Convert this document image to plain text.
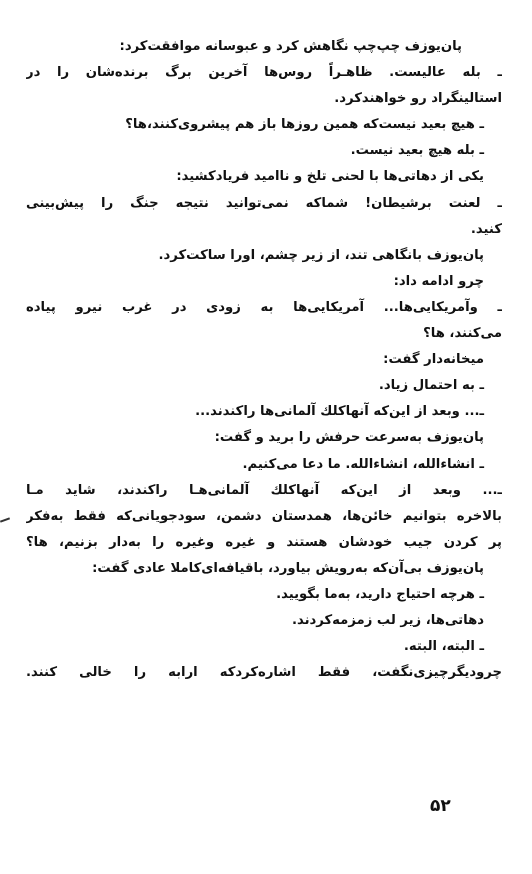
پان‌یوزف چپ‌چپ نگاهش کرد و عبوسانه موافقت‌کرد:
ـ بله عالیست. ظاهـراً روس‌ها آخرین برگ برنده‌شان را در
استالینگراد رو خواهندکرد.
ـ هیچ بعید نیست‌که همین روزها باز هم پیشروی‌کنند،ها؟
ـ بله هیچ بعید نیست.
یکی از دهاتی‌ها با لحنی تلخ و ناامید فریادکشید:
ـ لعنت برشیطان! شماکه نمی‌توانید نتیجه جنگ را پیش‌بینی
کنید.
پان‌یوزف بانگاهی تند، از زیر چشم، اورا ساکت‌کرد.
چرو ادامه داد:
ـ وآمریکایی‌ها... آمریکایی‌ها به زودی در غرب نیرو پیاده
می‌کنند، ها؟
میخانه‌دار گفت:
ـ به احتمال زیاد.
ـ... وبعد از این‌که آنهاکلك آلمانی‌ها راکندند...
پان‌یوزف به‌سرعت حرفش را برید و گفت:
ـ انشاءالله، انشاءالله. ما دعا می‌کنیم.
ـ... وبعد از این‌که آنهاکلك آلمانی‌هـا راکندند، شاید مـا
بالاخره بتوانیم خائن‌ها، همدستان دشمن، سودجویانی‌که فقط به‌فکر
پر کردن جیب خودشان هستند و غیره وغیره را به‌دار بزنیم، ها؟
پان‌یوزف بی‌آن‌که به‌رویش بیاورد، باقیافه‌ای‌کاملا عادی گفت:
ـ هرچه احتیاج دارید، به‌ما بگویید.
دهاتی‌ها، زیر لب زمزمه‌کردند.
ـ البته، البته.
چرودیگرچیزی‌نگفت، فقط اشاره‌کردکه ارابه را خالی کنند.
۵۲
